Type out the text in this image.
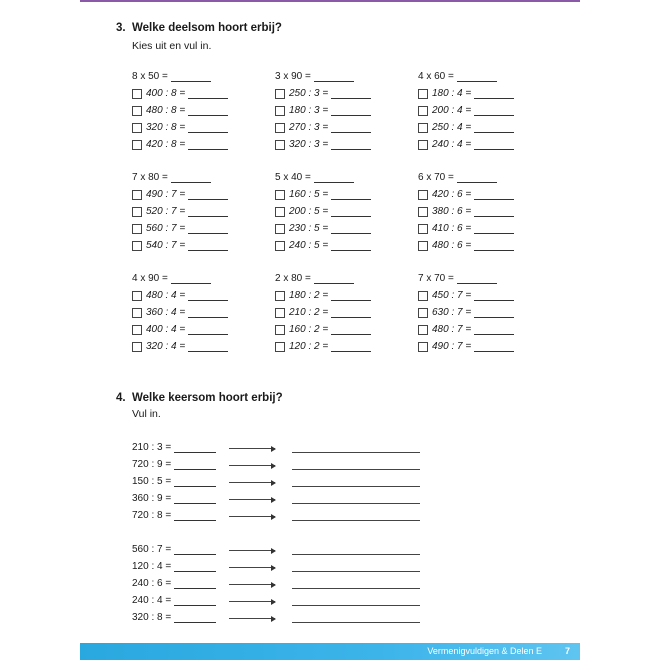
3. Welke deelsom hoort erbij?
Kies uit en vul in.
8 x 50 =
400 : 8 =
480 : 8 =
320 : 8 =
420 : 8 =
3 x 90 =
250 : 3 =
180 : 3 =
270 : 3 =
320 : 3 =
4 x 60 =
180 : 4 =
200 : 4 =
250 : 4 =
240 : 4 =
7 x 80 =
490 : 7 =
520 : 7 =
560 : 7 =
540 : 7 =
5 x 40 =
160 : 5 =
200 : 5 =
230 : 5 =
240 : 5 =
6 x 70 =
420 : 6 =
380 : 6 =
410 : 6 =
480 : 6 =
4 x 90 =
480 : 4 =
360 : 4 =
400 : 4 =
320 : 4 =
2 x 80 =
180 : 2 =
210 : 2 =
160 : 2 =
120 : 2 =
7 x 70 =
450 : 7 =
630 : 7 =
480 : 7 =
490 : 7 =
4. Welke keersom hoort erbij?
Vul in.
210 : 3 =
720 : 9 =
150 : 5 =
360 : 9 =
720 : 8 =
560 : 7 =
120 : 4 =
240 : 6 =
240 : 4 =
320 : 8 =
Vermenigvuldigen & Delen E	7
